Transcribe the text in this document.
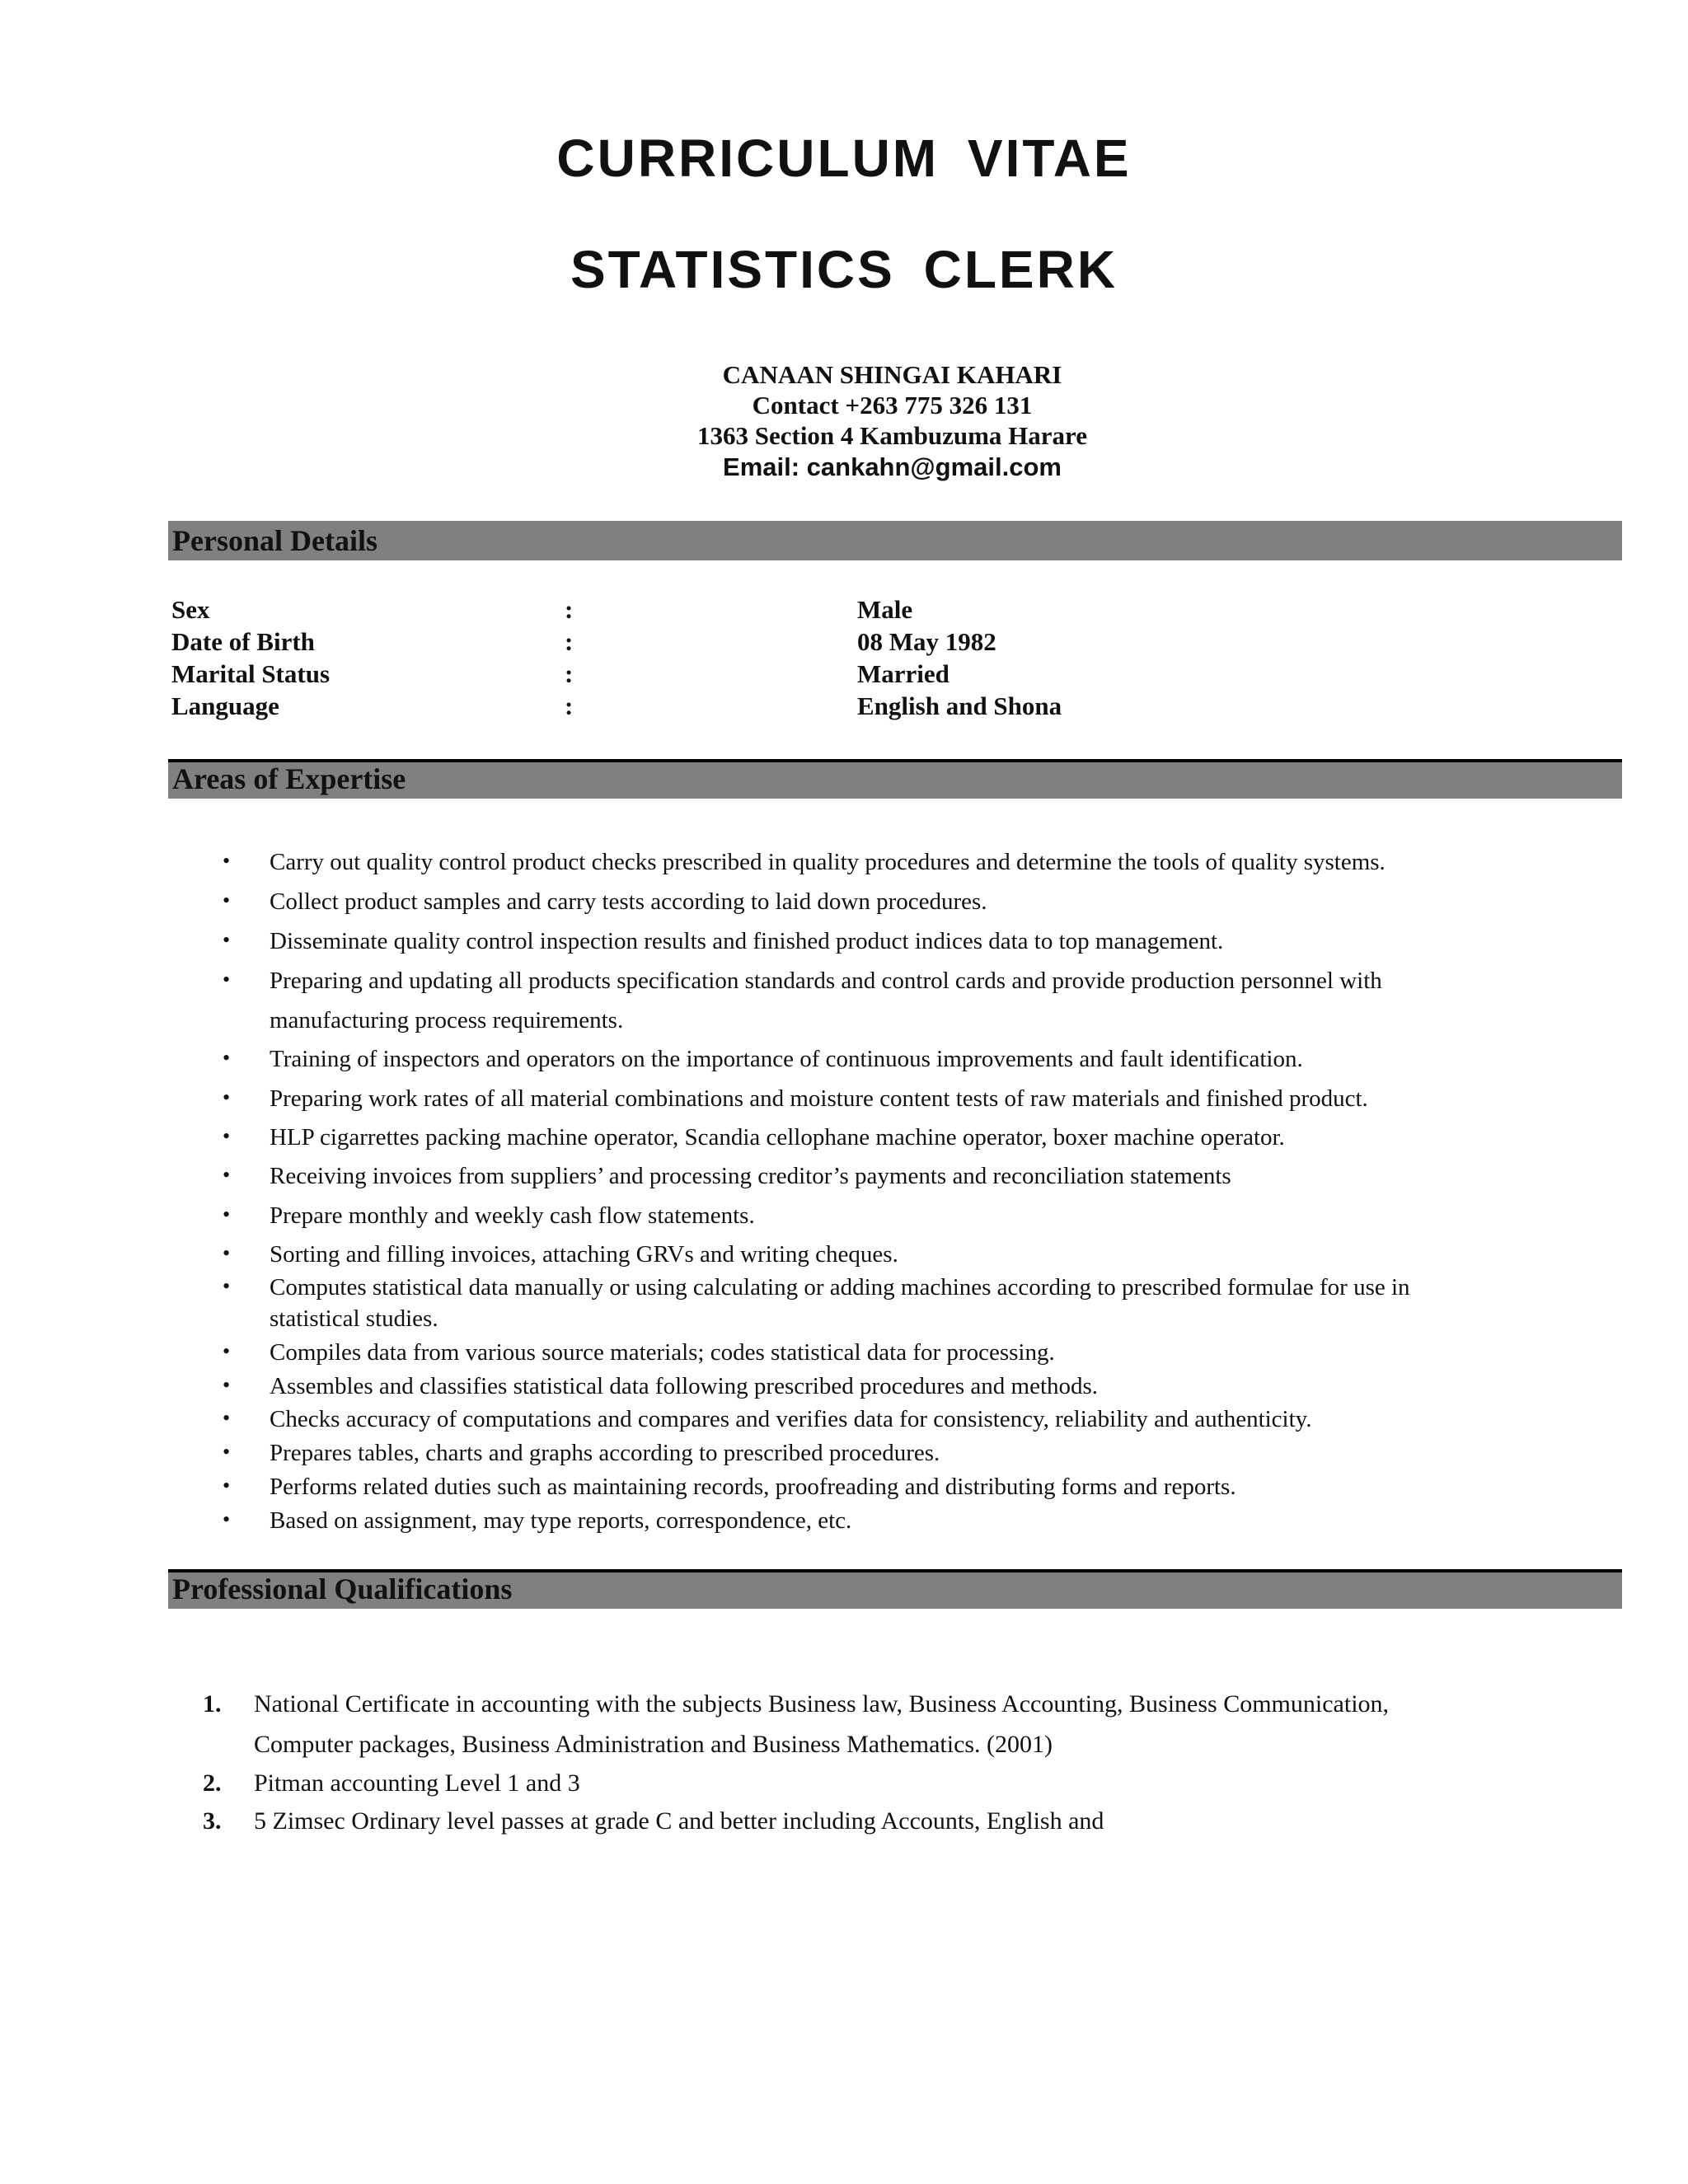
CURRICULUM VITAE
STATISTICS CLERK
CANAAN SHINGAI KAHARI
Contact +263 775 326 131
1363 Section 4 Kambuzuma Harare
Email: cankahn@gmail.com
Personal Details
Sex	:	Male
Date of Birth	:	08 May 1982
Marital Status	:	Married
Language	:	English and Shona
Areas of Expertise
• Carry out quality control product checks prescribed in quality procedures and determine the tools of quality systems.
• Collect product samples and carry tests according to laid down procedures.
• Disseminate quality control inspection results and finished product indices data to top management.
• Preparing and updating all products specification standards and control cards and provide production personnel with
manufacturing process requirements.
• Training of inspectors and operators on the importance of continuous improvements and fault identification.
• Preparing work rates of all material combinations and moisture content tests of raw materials and finished product.
• HLP cigarrettes packing machine operator, Scandia cellophane machine operator, boxer machine operator.
• Receiving invoices from suppliers’ and processing creditor’s payments and reconciliation statements
• Prepare monthly and weekly cash flow statements.
• Sorting and filling invoices, attaching GRVs and writing cheques.
• Computes statistical data manually or using calculating or adding machines according to prescribed formulae for use in
statistical studies.
• Compiles data from various source materials; codes statistical data for processing.
• Assembles and classifies statistical data following prescribed procedures and methods.
• Checks accuracy of computations and compares and verifies data for consistency, reliability and authenticity.
• Prepares tables, charts and graphs according to prescribed procedures.
• Performs related duties such as maintaining records, proofreading and distributing forms and reports.
• Based on assignment, may type reports, correspondence, etc.
Professional Qualifications
1. National Certificate in accounting with the subjects Business law, Business Accounting, Business Communication,
Computer packages, Business Administration and Business Mathematics. (2001)
2. Pitman accounting Level 1 and 3
3. 5 Zimsec Ordinary level passes at grade C and better including Accounts, English and
